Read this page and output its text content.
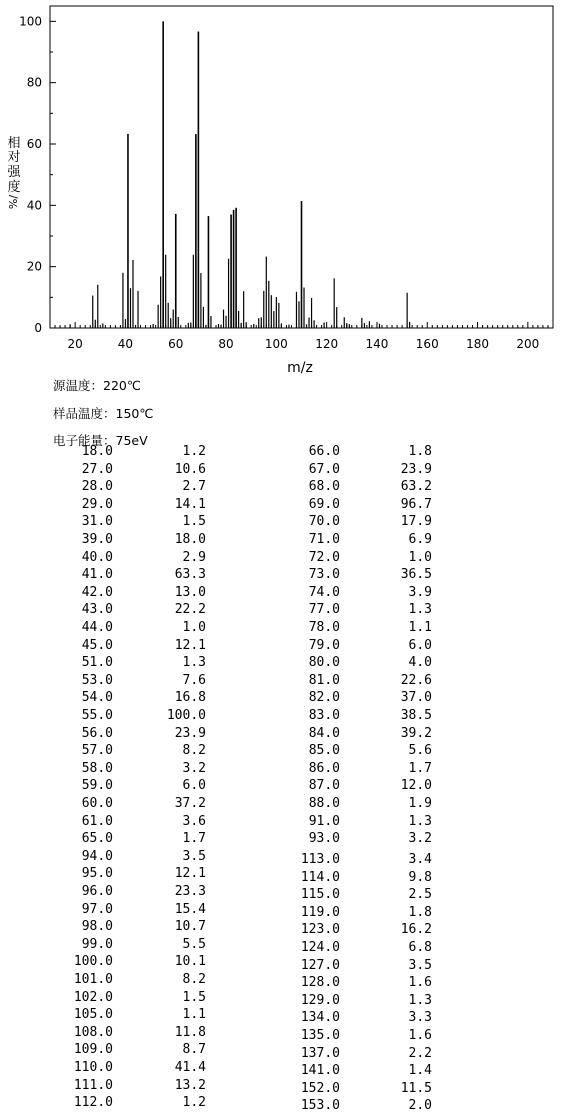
20	40	60	80	100 120 140 160 180 200
0
20
40
60
80
100
m/z
相
对
强
度
%/
源温度：220℃
样品温度：150℃
电子能量：75eV
18.0	1.2
27.0	10.6
28.0	2.7
29.0	14.1
31.0	1.5
39.0	18.0
40.0	2.9
41.0	63.3
42.0	13.0
43.0	22.2
44.0	1.0
45.0	12.1
51.0	1.3
53.0	7.6
54.0	16.8
55.0	100.0
56.0	23.9
57.0	8.2
58.0	3.2
59.0	6.0
60.0	37.2
61.0	3.6
65.0	1.7
94.0	3.5
95.0	12.1
96.0	23.3
97.0	15.4
98.0	10.7
99.0	5.5
100.0	10.1
101.0	8.2
102.0	1.5
105.0	1.1
108.0	11.8
109.0	8.7
110.0	41.4
111.0	13.2
112.0	1.2
66.0	1.8
67.0	23.9
68.0	63.2
69.0	96.7
70.0	17.9
71.0	6.9
72.0	1.0
73.0	36.5
74.0	3.9
77.0	1.3
78.0	1.1
79.0	6.0
80.0	4.0
81.0	22.6
82.0	37.0
83.0	38.5
84.0	39.2
85.0	5.6
86.0	1.7
87.0	12.0
88.0	1.9
91.0	1.3
93.0	3.2
113.0	3.4
114.0	9.8
115.0	2.5
119.0	1.8
123.0	16.2
124.0	6.8
127.0	3.5
128.0	1.6
129.0	1.3
134.0	3.3
135.0	1.6
137.0	2.2
141.0	1.4
152.0	11.5
153.0	2.0
